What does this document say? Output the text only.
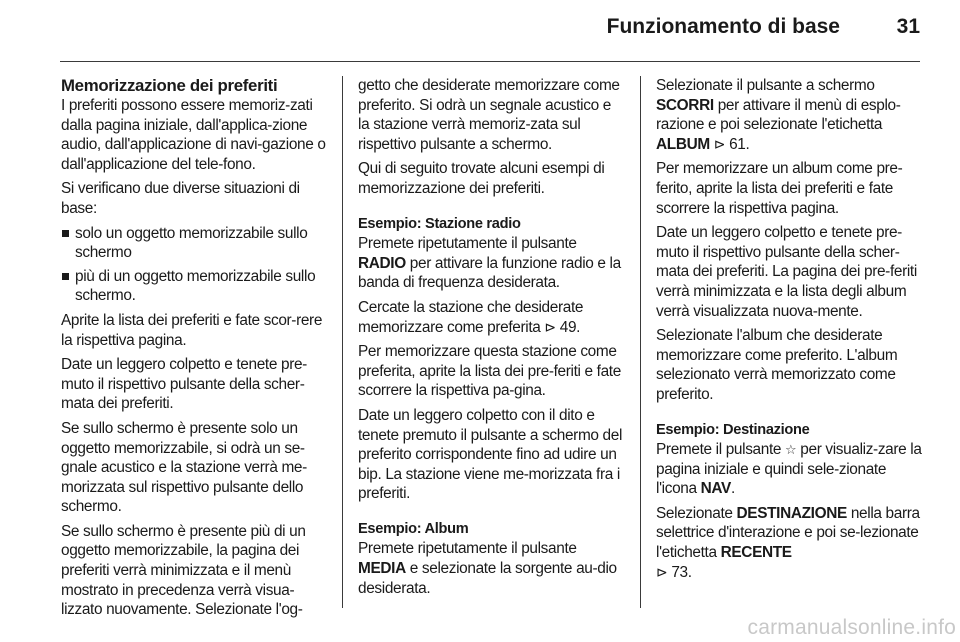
Funzionamento di base	31
Memorizzazione dei preferiti

I preferiti possono essere memoriz-zati dalla pagina iniziale, dall'applica-zione audio, dall'applicazione di navi-gazione o dall'applicazione del tele-fono.

Si verificano due diverse situazioni di base:

solo un oggetto memorizzabile sullo schermo
più di un oggetto memorizzabile sullo schermo.

Aprite la lista dei preferiti e fate scor-rere la rispettiva pagina.

Date un leggero colpetto e tenete pre-muto il rispettivo pulsante della scher-mata dei preferiti.

Se sullo schermo è presente solo un oggetto memorizzabile, si odrà un se-gnale acustico e la stazione verrà me-morizzata sul rispettivo pulsante dello schermo.

Se sullo schermo è presente più di un oggetto memorizzabile, la pagina dei preferiti verrà minimizzata e il menù mostrato in precedenza verrà visua-lizzato nuovamente. Selezionate l'og-

getto che desiderate memorizzare come preferito. Si odrà un segnale acustico e la stazione verrà memoriz-zata sul rispettivo pulsante a schermo.

Qui di seguito trovate alcuni esempi di memorizzazione dei preferiti.

Esempio: Stazione radio

Premete ripetutamente il pulsante RADIO per attivare la funzione radio e la banda di frequenza desiderata.

Cercate la stazione che desiderate memorizzare come preferita ⊳ 49.

Per memorizzare questa stazione come preferita, aprite la lista dei pre-feriti e fate scorrere la rispettiva pa-gina.

Date un leggero colpetto con il dito e tenete premuto il pulsante a schermo del preferito corrispondente fino ad udire un bip. La stazione viene me-morizzata fra i preferiti.

Esempio: Album

Premete ripetutamente il pulsante MEDIA e selezionate la sorgente au-dio desiderata.

Selezionate il pulsante a schermo SCORRI per attivare il menù di esplo-razione e poi selezionate l'etichetta ALBUM ⊳ 61.

Per memorizzare un album come pre-ferito, aprite la lista dei preferiti e fate scorrere la rispettiva pagina.

Date un leggero colpetto e tenete pre-muto il rispettivo pulsante della scher-mata dei preferiti. La pagina dei pre-feriti verrà minimizzata e la lista degli album verrà visualizzata nuova-mente.

Selezionate l'album che desiderate memorizzare come preferito. L'album selezionato verrà memorizzato come preferito.

Esempio: Destinazione

Premete il pulsante ☆ per visualiz-zare la pagina iniziale e quindi sele-zionate l'icona NAV.

Selezionate DESTINAZIONE nella barra selettrice d'interazione e poi se-lezionate l'etichetta RECENTE
⊳ 73.

carmanualsonline.info
